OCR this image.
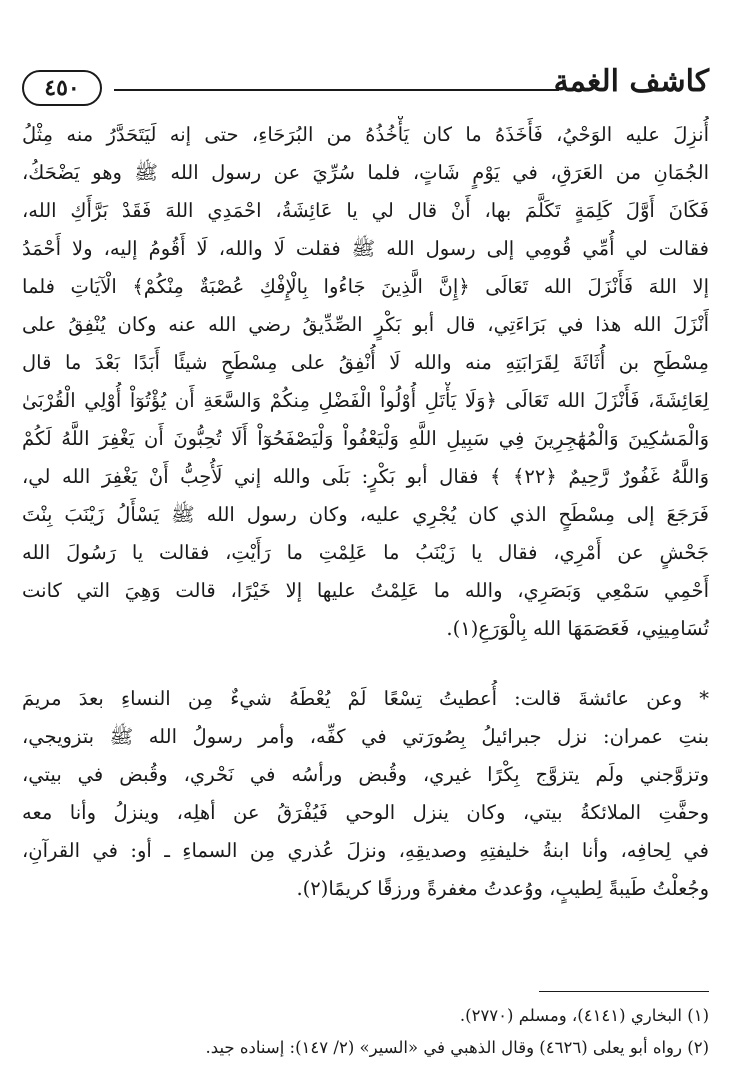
٤٥٠	كاشف الغمة
أُنزِلَ عليه الوَحْيُ، فَأَخَذَهُ ما كان يَأْخُذُهُ من البُرَحَاءِ، حتى إنه لَيَتَحَدَّرُ منه مِثْلُ
الجُمَانِ من العَرَقِ، في يَوْمٍ شَاتٍ، فلما سُرِّيَ عن رسول الله ﷺ وهو يَضْحَكُ،
فَكَانَ أَوَّلَ كَلِمَةٍ تَكَلَّمَ بها، أَنْ قال لي يا عَائِشَةُ، احْمَدِي اللهَ فَقَدْ بَرَّأَكِ الله،
فقالت لي أُمِّي قُومِي إلى رسول الله ﷺ فقلت لَا والله، لَا أَقُومُ إليه، ولا أَحْمَدُ
إلا اللهَ فَأَنْزَلَ الله تَعَالَى ﴿إِنَّ الَّذِينَ جَاءُوا بِالْإِفْكِ عُصْبَةٌ مِنْكُمْ﴾ الْآيَاتِ فلما
أَنْزَلَ الله هذا في بَرَاءَتِي، قال أبو بَكْرٍ الصِّدِّيقُ رضي الله عنه وكان يُنْفِقُ على
مِسْطَحِ بن أُثَاثَةَ لِقَرَابَتِهِ منه والله لَا أُنْفِقُ على مِسْطَحٍ شيئًا أَبَدًا بَعْدَ ما قال
لِعَائِشَةَ، فَأَنْزَلَ الله تَعَالَى ﴿وَلَا يَأْتَلِ أُوْلُواْ الْفَضْلِ مِنكُمْ وَالسَّعَةِ أَن يُؤْتُوٓاْ أُوْلِي الْقُرْبَىٰ
وَالْمَسَٰكِينَ وَالْمُهَٰجِرِينَ فِي سَبِيلِ اللَّهِ وَلْيَعْفُواْ وَلْيَصْفَحُوٓاْ أَلَا تُحِبُّونَ أَن يَغْفِرَ اللَّهُ لَكُمْ
وَاللَّهُ غَفُورٌ رَّحِيمٌ ﴿٢٢﴾ ﴾ فقال أبو بَكْرٍ: بَلَى والله إني لَأُحِبُّ أَنْ يَغْفِرَ الله لي،
فَرَجَعَ إلى مِسْطَحٍ الذي كان يُجْرِي عليه، وكان رسول الله ﷺ يَسْأَلُ زَيْنَبَ بِنْتَ
جَحْشٍ عن أَمْرِي، فقال يا زَيْنَبُ ما عَلِمْتِ ما رَأَيْتِ، فقالت يا رَسُولَ الله
أَحْمِي سَمْعِي وَبَصَرِي، والله ما عَلِمْتُ عليها إلا خَيْرًا، قالت وَهِيَ التي كانت
تُسَامِينِي، فَعَصَمَهَا الله بِالْوَرَعِ(١).
* وعن عائشةَ قالت: أُعطيتُ تِسْعًا لَمْ يُعْطَهُ شيءٌ مِن النساءِ بعدَ مريمَ
بنتِ عمران: نزل جبرائيلُ بِصُورَتي في كفِّه، وأمر رسولُ الله ﷺ بتزويجي،
وتزوَّجني ولَم يتزوَّج بِكْرًا غيري، وقُبض ورأسُه في نَحْري، وقُبض في بيتي،
وحفَّتِ الملائكةُ بيتي، وكان ينزل الوحي فَيُفْرَقُ عن أهلِه، وينزلُ وأنا معه
في لِحافِه، وأنا ابنةُ خليفتِهِ وصديقِهِ، ونزلَ عُذري مِن السماءِ ـ أو: في القرآنِ،
وجُعلْتُ طَيبةً لِطيبٍ، ووُعدتُ مغفرةً ورزقًا كريمًا(٢).
(١) البخاري (٤١٤١)، ومسلم (٢٧٧٠).
(٢) رواه أبو يعلى (٤٦٢٦) وقال الذهبي في «السير» (٢/ ١٤٧): إسناده جيد.
